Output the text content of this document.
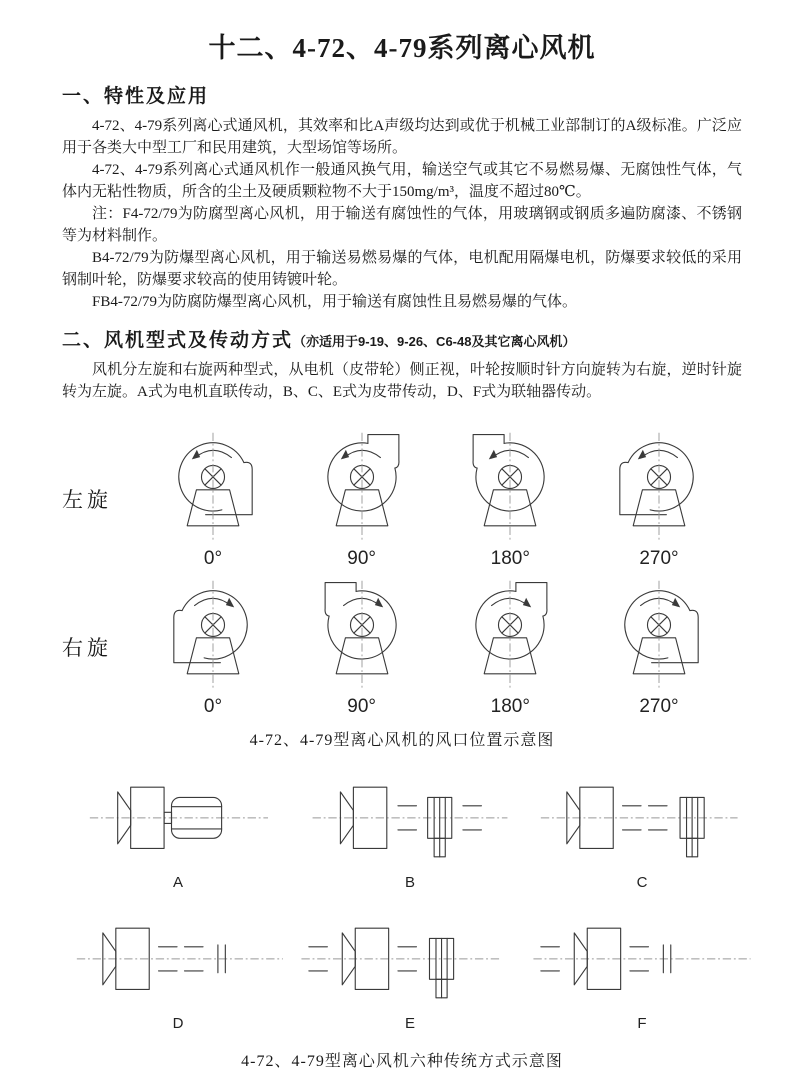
十二、4-72、4-79系列离心风机
一、特性及应用

4-72、4-79系列离心式通风机，其效率和比A声级均达到或优于机械工业部制订的A级标准。广泛应用于各类大中型工厂和民用建筑，大型场馆等场所。

4-72、4-79系列离心式通风机作一般通风换气用，输送空气或其它不易燃易爆、无腐蚀性气体，气体内无粘性物质，所含的尘土及硬质颗粒物不大于150mg/m³，温度不超过80℃。

注：F4-72/79为防腐型离心风机，用于输送有腐蚀性的气体，用玻璃钢或钢质多遍防腐漆、不锈钢等为材料制作。

B4-72/79为防爆型离心风机，用于输送易燃易爆的气体，电机配用隔爆电机，防爆要求较低的采用钢制叶轮，防爆要求较高的使用铸镀叶轮。

FB4-72/79为防腐防爆型离心风机，用于输送有腐蚀性且易燃易爆的气体。

二、风机型式及传动方式（亦适用于9-19、9-26、C6-48及其它离心风机）

风机分左旋和右旋两种型式，从电机（皮带轮）侧正视，叶轮按顺时针方向旋转为右旋，逆时针旋转为左旋。A式为电机直联传动，B、C、E式为皮带传动，D、F式为联轴器传动。

左旋
0°	90°	180°	270°
右旋
0°	90°	180°	270°
4-72、4-79型离心风机的风口位置示意图
A	B	C
D	E	F
4-72、4-79型离心风机六种传统方式示意图
